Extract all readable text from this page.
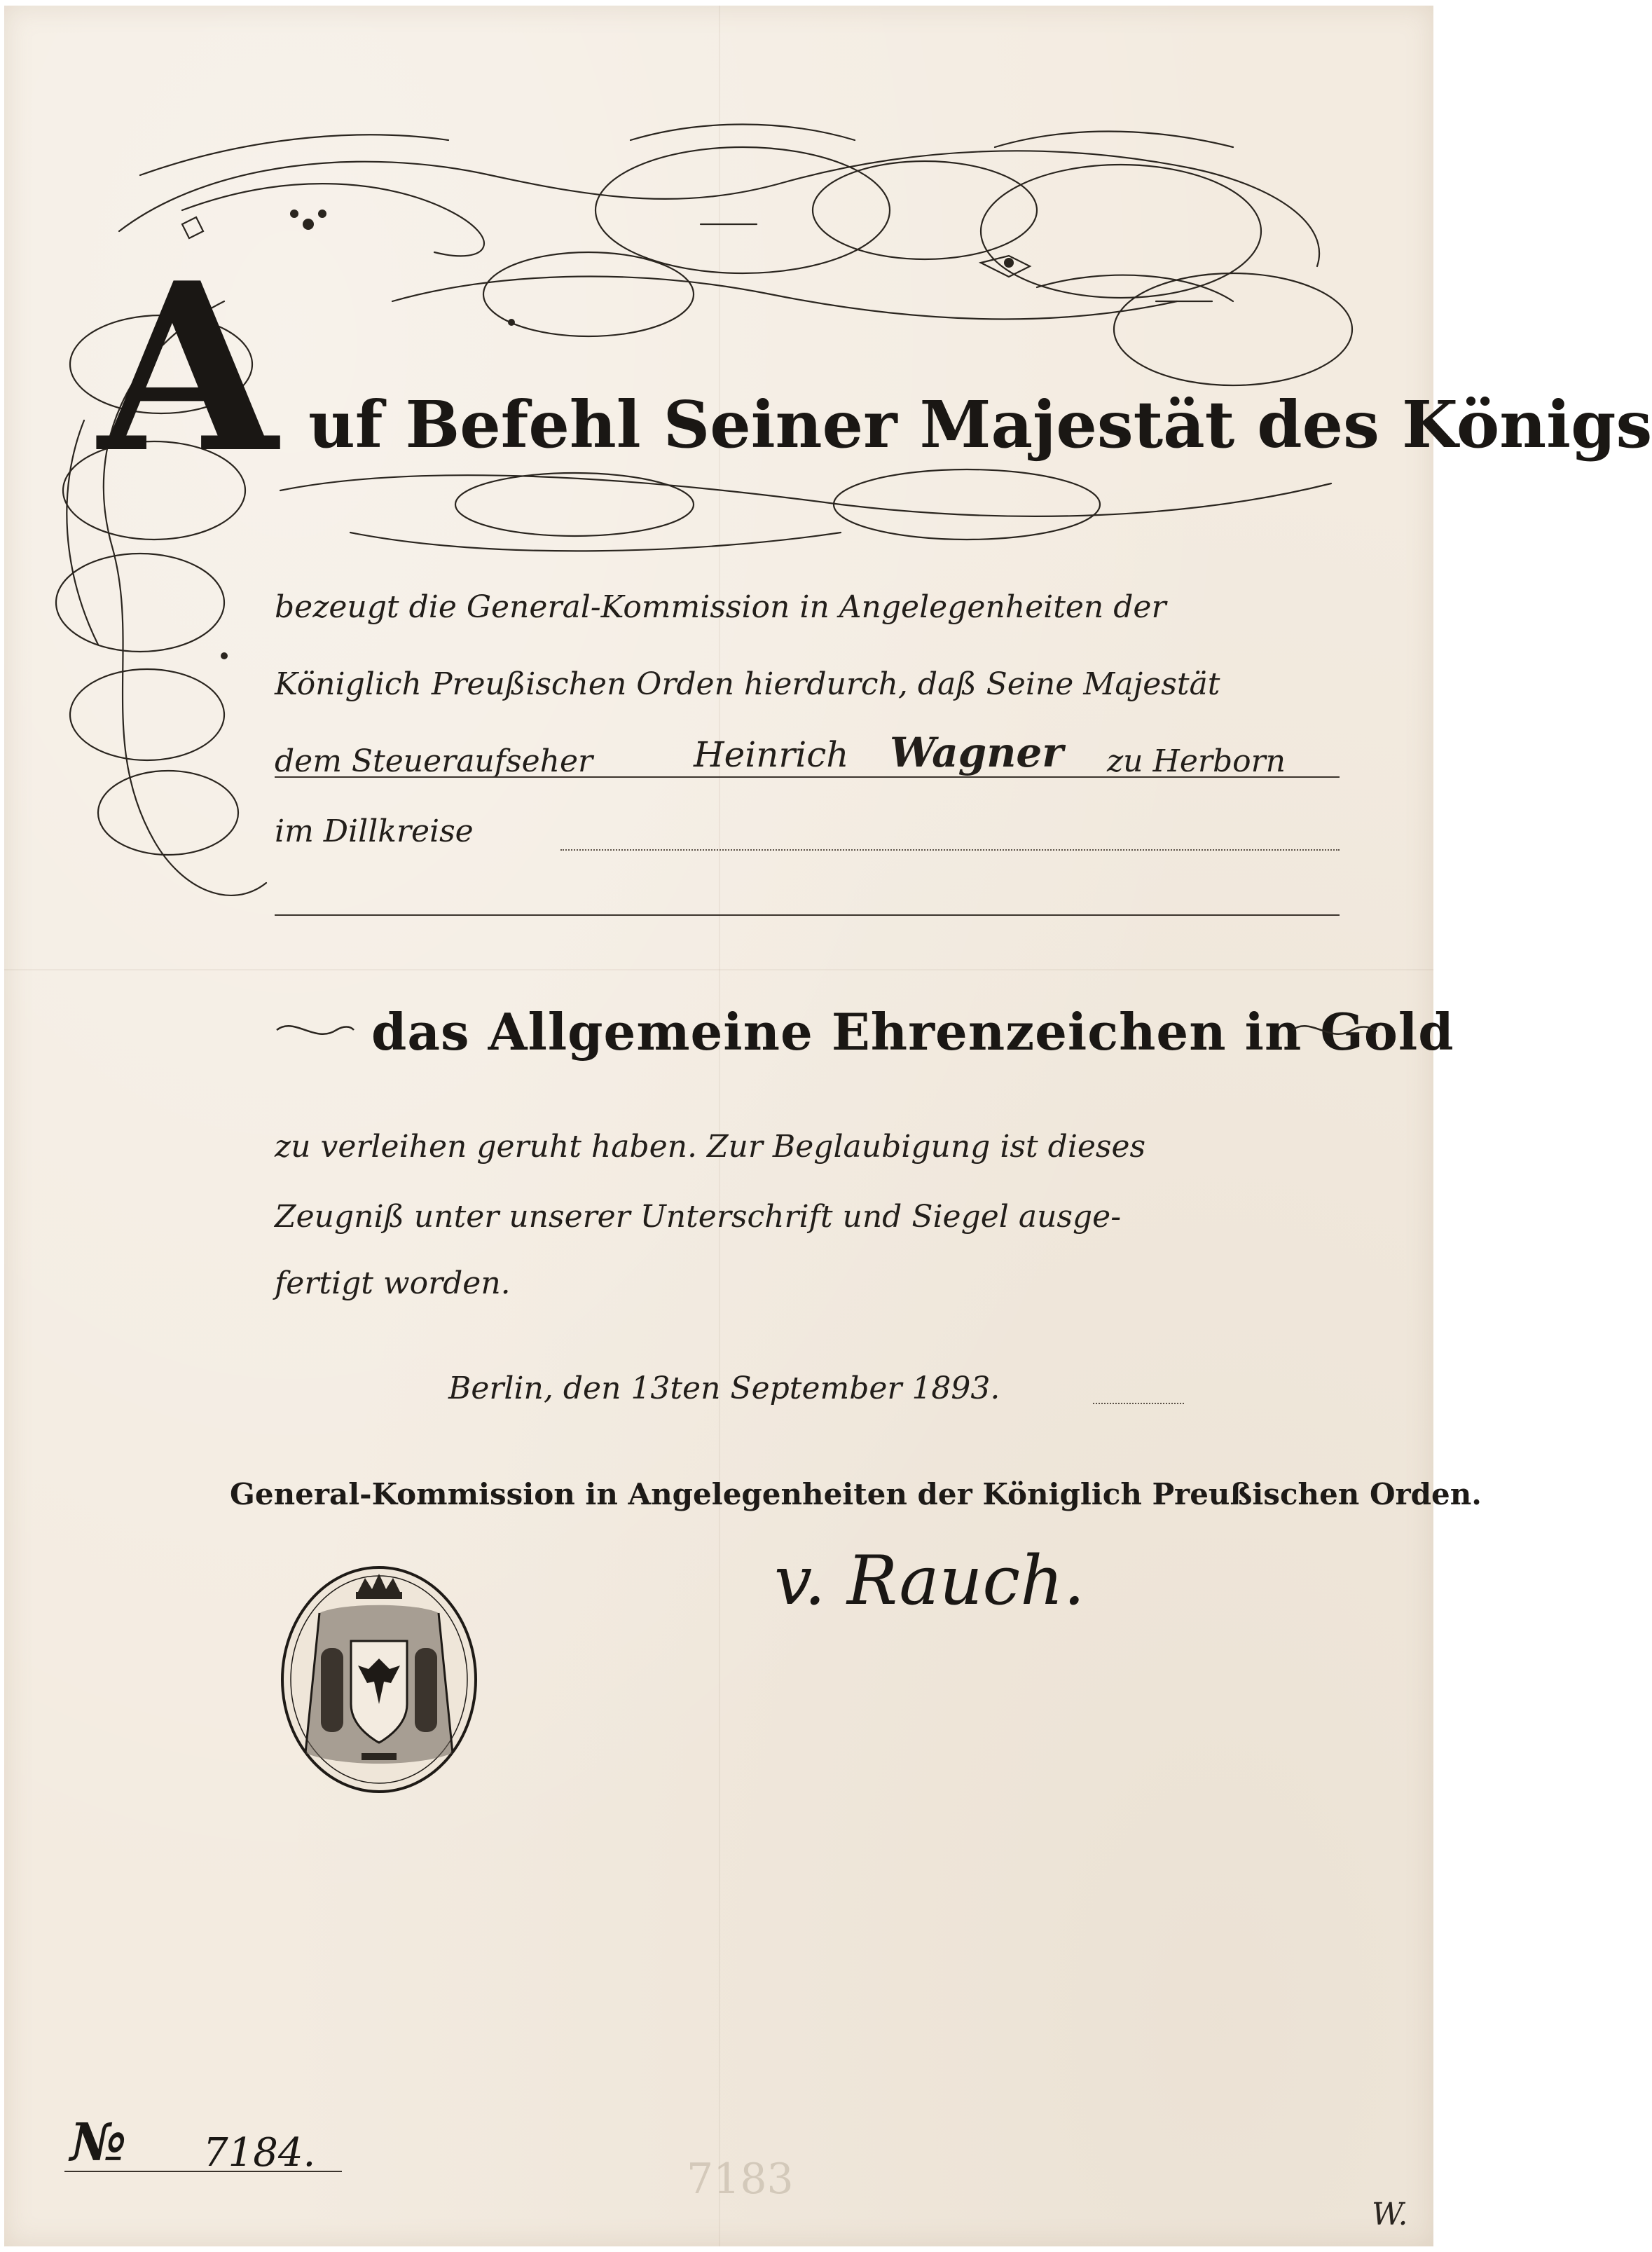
A uf Befehl Seiner Majestät des Königs
bezeugt die General-Kommission in Angelegenheiten der
Königlich Preußischen Orden hierdurch, daß Seine Majestät
dem Steueraufseher	Heinrich Wagner zu Herborn
im Dillkreise
das Allgemeine Ehrenzeichen in Gold
zu verleihen geruht haben. Zur Beglaubigung ist dieses
Zeugniß unter unserer Unterschrift und Siegel ausge-
fertigt worden.
Berlin, den 13ten September 1893.
General-Kommission in Angelegenheiten der Königlich Preußischen Orden.
v. Rauch.
№ 7184.
7183
W.
